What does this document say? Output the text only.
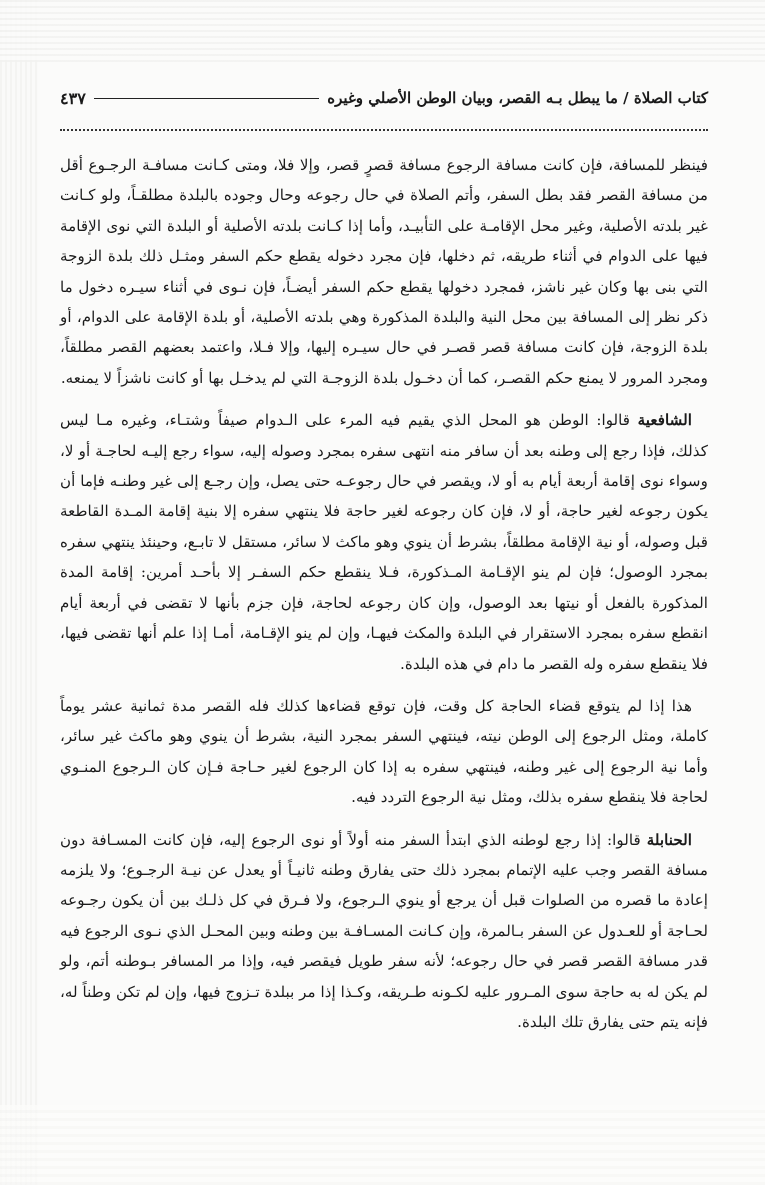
كتاب الصلاة / ما يبطل بـه القصر، وبيان الوطن الأصلي وغيره
٤٣٧

فينظر للمسافة، فإن كانت مسافة الرجوع مسافة قصرٍ قصر، وإلا فلا، ومتى كـانت مسافـة الرجـوع أقل من مسافة القصر فقد بطل السفر، وأتم الصلاة في حال رجوعه وحال وجوده بالبلدة مطلقـاً، ولو كـانت غير بلدته الأصلية، وغير محل الإقامـة على التأبيـد، وأما إذا كـانت بلدته الأصلية أو البلدة التي نوى الإقامة فيها على الدوام في أثناء طريقه، ثم دخلها، فإن مجرد دخوله يقطع حكم السفر ومثـل ذلك بلدة الزوجة التي بنى بها وكان غير ناشز، فمجرد دخولها يقطع حكم السفر أيضـاً، فإن نـوى في أثناء سيـره دخول ما ذكر نظر إلى المسافة بين محل النية والبلدة المذكورة وهي بلدته الأصلية، أو بلدة الإقامة على الدوام، أو بلدة الزوجة، فإن كانت مسافة قصر قصـر في حال سيـره إليها، وإلا فـلا، واعتمد بعضهم القصر مطلقاً، ومجرد المرور لا يمنع حكم القصـر، كما أن دخـول بلدة الزوجـة التي لم يدخـل بها أو كانت ناشزاً لا يمنعه.

الشافعية قالوا: الوطن هو المحل الذي يقيم فيه المرء على الـدوام صيفاً وشتـاء، وغيره مـا ليس كذلك، فإذا رجع إلى وطنه بعد أن سافر منه انتهى سفره بمجرد وصوله إليه، سواء رجع إليـه لحاجـة أو لا، وسواء نوى إقامة أربعة أيام به أو لا، ويقصر في حال رجوعـه حتى يصل، وإن رجـع إلى غير وطنـه فإما أن يكون رجوعه لغير حاجة، أو لا، فإن كان رجوعه لغير حاجة فلا ينتهي سفره إلا بنية إقامة المـدة القاطعة قبل وصوله، أو نية الإقامة مطلقاً، بشرط أن ينوي وهو ماكث لا سائر، مستقل لا تابـع، وحينئذ ينتهي سفره بمجرد الوصول؛ فإن لم ينو الإقـامة المـذكورة، فـلا ينقطع حكم السفـر إلا بأحـد أمرين: إقامة المدة المذكورة بالفعل أو نيتها بعد الوصول، وإن كان رجوعه لحاجة، فإن جزم بأنها لا تقضى في أربعة أيام انقطع سفره بمجرد الاستقرار في البلدة والمكث فيهـا، وإن لم ينو الإقـامة، أمـا إذا علم أنها تقضى فيها، فلا ينقطع سفره وله القصر ما دام في هذه البلدة.

هذا إذا لم يتوقع قضاء الحاجة كل وقت، فإن توقع قضاءها كذلك فله القصر مدة ثمانية عشر يوماً كاملة، ومثل الرجوع إلى الوطن نيته، فينتهي السفر بمجرد النية، بشرط أن ينوي وهو ماكث غير سائر، وأما نية الرجوع إلى غير وطنه، فينتهي سفره به إذا كان الرجوع لغير حـاجة فـإن كان الـرجوع المنـوي لحاجة فلا ينقطع سفره بذلك، ومثل نية الرجوع التردد فيه.

الحنابلة قالوا: إذا رجع لوطنه الذي ابتدأ السفر منه أولاً أو نوى الرجوع إليه، فإن كانت المسـافة دون مسافة القصر وجب عليه الإتمام بمجرد ذلك حتى يفارق وطنه ثانيـاً أو يعدل عن نيـة الرجـوع؛ ولا يلزمه إعادة ما قصره من الصلوات قبل أن يرجع أو ينوي الـرجوع، ولا فـرق في كل ذلـك بين أن يكون رجـوعه لحـاجة أو للعـدول عن السفر بـالمرة، وإن كـانت المسـافـة بين وطنه وبين المحـل الذي نـوى الرجوع فيه قدر مسافة القصر قصر في حال رجوعه؛ لأنه سفر طويل فيقصر فيه، وإذا مر المسافر بـوطنه أتم، ولو لم يكن له به حاجة سوى المـرور عليه لكـونه طـريقه، وكـذا إذا مر ببلدة تـزوج فيها، وإن لم تكن وطناً له، فإنه يتم حتى يفارق تلك البلدة.
